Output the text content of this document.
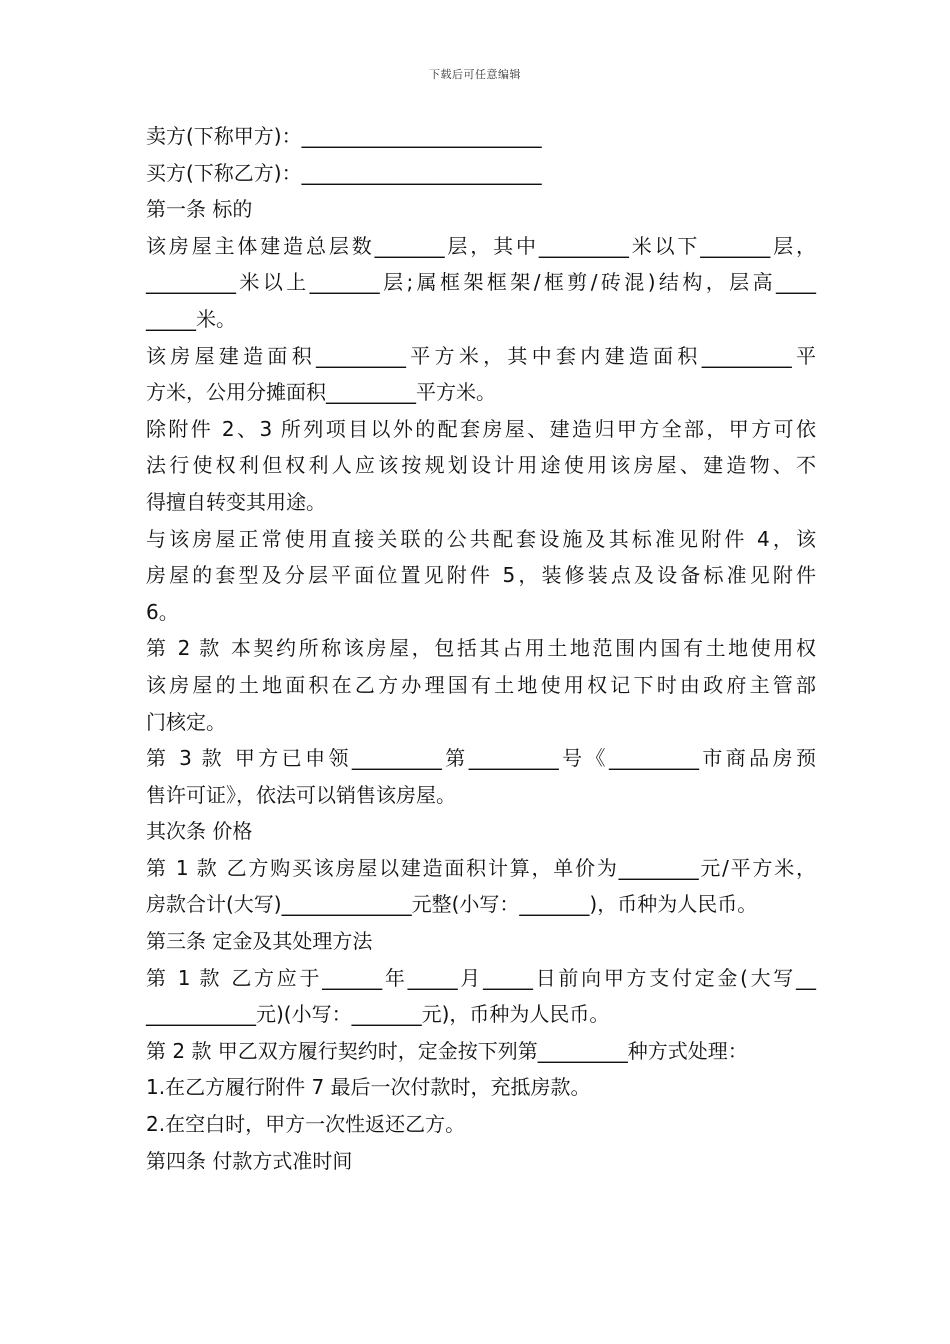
下载后可任意编辑
卖方(下称甲方)：________________________
买方(下称乙方)：________________________
第一条 标的
该房屋主体建造总层数_______层，其中_________米以下_______层，
_________米以上_______层;属框架框架/框剪/砖混)结构，层高____
_____米。
该房屋建造面积_________平方米，其中套内建造面积_________平
方米，公用分摊面积_________平方米。
除附件 2、3 所列项目以外的配套房屋、建造归甲方全部，甲方可依
法行使权利但权利人应该按规划设计用途使用该房屋、建造物、不
得擅自转变其用途。
与该房屋正常使用直接关联的公共配套设施及其标准见附件 4，该
房屋的套型及分层平面位置见附件 5，装修装点及设备标准见附件
6。
第 2 款 本契约所称该房屋，包括其占用土地范围内国有土地使用权
该房屋的土地面积在乙方办理国有土地使用权记下时由政府主管部
门核定。
第 3 款 甲方已申领_________第_________号《_________市商品房预
售许可证》，依法可以销售该房屋。
其次条 价格
第 1 款 乙方购买该房屋以建造面积计算，单价为________元/平方米，
房款合计(大写)_____________元整(小写：_______)，币种为人民币。
第三条 定金及其处理方法
第 1 款 乙方应于______年_____月_____日前向甲方支付定金(大写__
___________元)(小写：_______元)，币种为人民币。
第 2 款 甲乙双方履行契约时，定金按下列第_________种方式处理：
1.在乙方履行附件 7 最后一次付款时，充抵房款。
2.在空白时，甲方一次性返还乙方。
第四条 付款方式准时间
